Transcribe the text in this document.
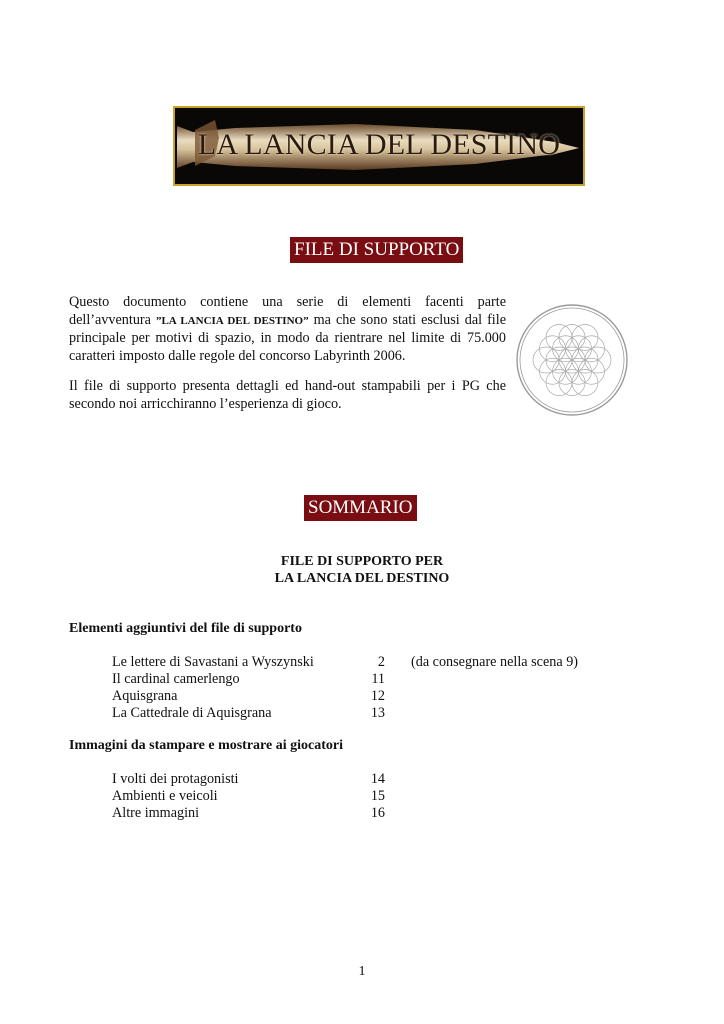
LA LANCIA DEL DESTINO
FILE DI SUPPORTO
Questo documento contiene una serie di elementi facenti parte dell’avventura ”LA LANCIA DEL DESTINO” ma che sono stati esclusi dal file principale per motivi di spazio, in modo da rientrare nel limite di 75.000 caratteri imposto dalle regole del concorso Labyrinth 2006.
Il file di supporto presenta dettagli ed hand-out stampabili per i PG che secondo noi arricchiranno l’esperienza di gioco.
SOMMARIO
FILE DI SUPPORTO PER
LA LANCIA DEL DESTINO
Elementi aggiuntivi del file di supporto
Le lettere di Savastani a Wyszynski	2 (da consegnare nella scena 9)
Il cardinal camerlengo	11
Aquisgrana	12
La Cattedrale di Aquisgrana	13
Immagini da stampare e mostrare ai giocatori
I volti dei protagonisti	14
Ambienti e veicoli	15
Altre immagini	16
1
